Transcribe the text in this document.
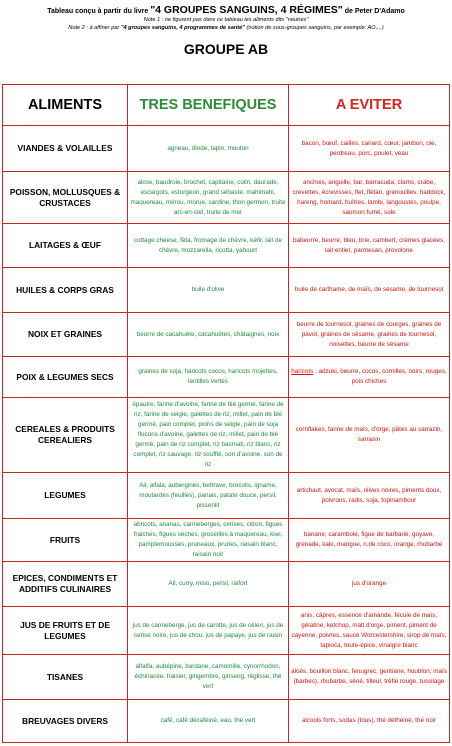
Tableau conçu à partir du livre "4 GROUPES SANGUINS, 4 RÉGIMES" de Peter D'Adamo
Note 1 : ne figurent pas dans ce tableau les aliments dits "neutres"
Note 2 : à affiner par "4 groupes sanguins, 4 programmes de santé" (notion de sous-groupes sanguins, par exemple: AO,...)
GROUPE AB
ALIMENTS	TRES BENEFIQUES	A EVITER
VIANDES & VOLAILLES	agneau, dinde, lapin, mouton	bacon, bœuf, cailles, canard, cœur, jambon, oie, perdreau, porc, poulet, veau
POISSON, MOLLUSQUES & CRUSTACES	alose, baudroie, brochet, capitaine, colin, daurade, escargots, esturgeon, grand sébaste, mahimahi, maquereau, mérou, morue, sardine, thon germon, truite arc-en-ciel, truite de mer	anchois, anguille, bar, barracuda, clams, crabe, crevettes, écrevisses, flet, flétan, grenouilles, haddock, hareng, homard, huîtres, lambi, langoustes, poulpe, saumon fumé, sole
LAITAGES & ŒUF	cottage cheese, féta, fromage de chèvre, kéfir, lait de chèvre, mozzarella, ricotta, yahourt	babeurre, beurre, bleu, brie, cambert, crèmes glacées, lait entier, parmesan, provolone
HUILES & CORPS GRAS	huile d'olive	huile de carthame, de maïs, de sésame, de tournesol
NOIX ET GRAINES	beurre de cacahuète, cacahuètes, châtaignes, noix	beurre de tournesol, graines de courges, graines de pavot, graines de sésame, graines de tournesol, noisettes, beurre de sésame
POIX & LEGUMES SECS	graines de soja, haricots cocos, haricots mojettes, lentilles vertes	haricots : adzuki, beurre, cocos, cornilles, noirs, rouges, pois chiches
CEREALES & PRODUITS CEREALIERS	épautre, farine d'avoine, farine de blé germé, farine de riz, farine de seigle, galettes de riz, millet, pain de blé germé, pain complet, poins de seigle, pain de soja flocons d'avoine, galettes de riz, millet, pain de blé germé, pain de riz complet, riz basmati, riz blanc, riz complet, riz sauvage, riz soufflé, son d'avoine, son de riz	cornflakes, farine de maïs, d'orge, pâtes au sarrazin, sarrasin
LEGUMES	Ail, alfala, aubergines, bettrave, brocolis, igname, moutardes (feuilles), panais, patate douce, persil, pissenlit	artichaut, avocat, maïs, olives noires, piments doux, poivrons, radis, soja, topinambour
FRUITS	abricots, ananas, canneberges, cerises, citron, figues fraiches, figues sèches, groseilles à maquereau, kiwi, pamplemousses, pruneaux, prunes, raisain blanc, raisain noir	banane, carambole, figue de barbarie, goyave, grenade, kaki, mangue, n.de coco, orange, rhubarbe
EPICES, CONDIMENTS ET ADDITIFS CULINAIRES	Ail, curry, miso, persil, raifort	jus d'orange
JUS DE FRUITS ET DE LEGUMES	jus de canneberge, jus de carotte, jus de céleri, jus de cerise noire, jus de chou, jus de papaye, jus de raisin	anis, câpres, essence d'amande, fécule de maïs, gélatine, ketchup, malt d'orge, piment, piment de cayenne, poivres, sauce Worcestershire, sirop de maïs, tapioca, toute-épice, vinaigre blanc
TISANES	alfalfa, aubépine, bardane, camomille, cynorrhodon, échinacée, fraisier, gingembre, ginseng, réglisse, thé vert	aloès, bouillon blanc, fenugrec, gentiane, houblon, maïs (barbes), rhubarbe, séné, tilleul, trèfle rouge, tussilage
BREUVAGES DIVERS	café, café décaféiné, eau, thé vert	alcools forts, sodas (tous), thé déthéiné, thé noir
